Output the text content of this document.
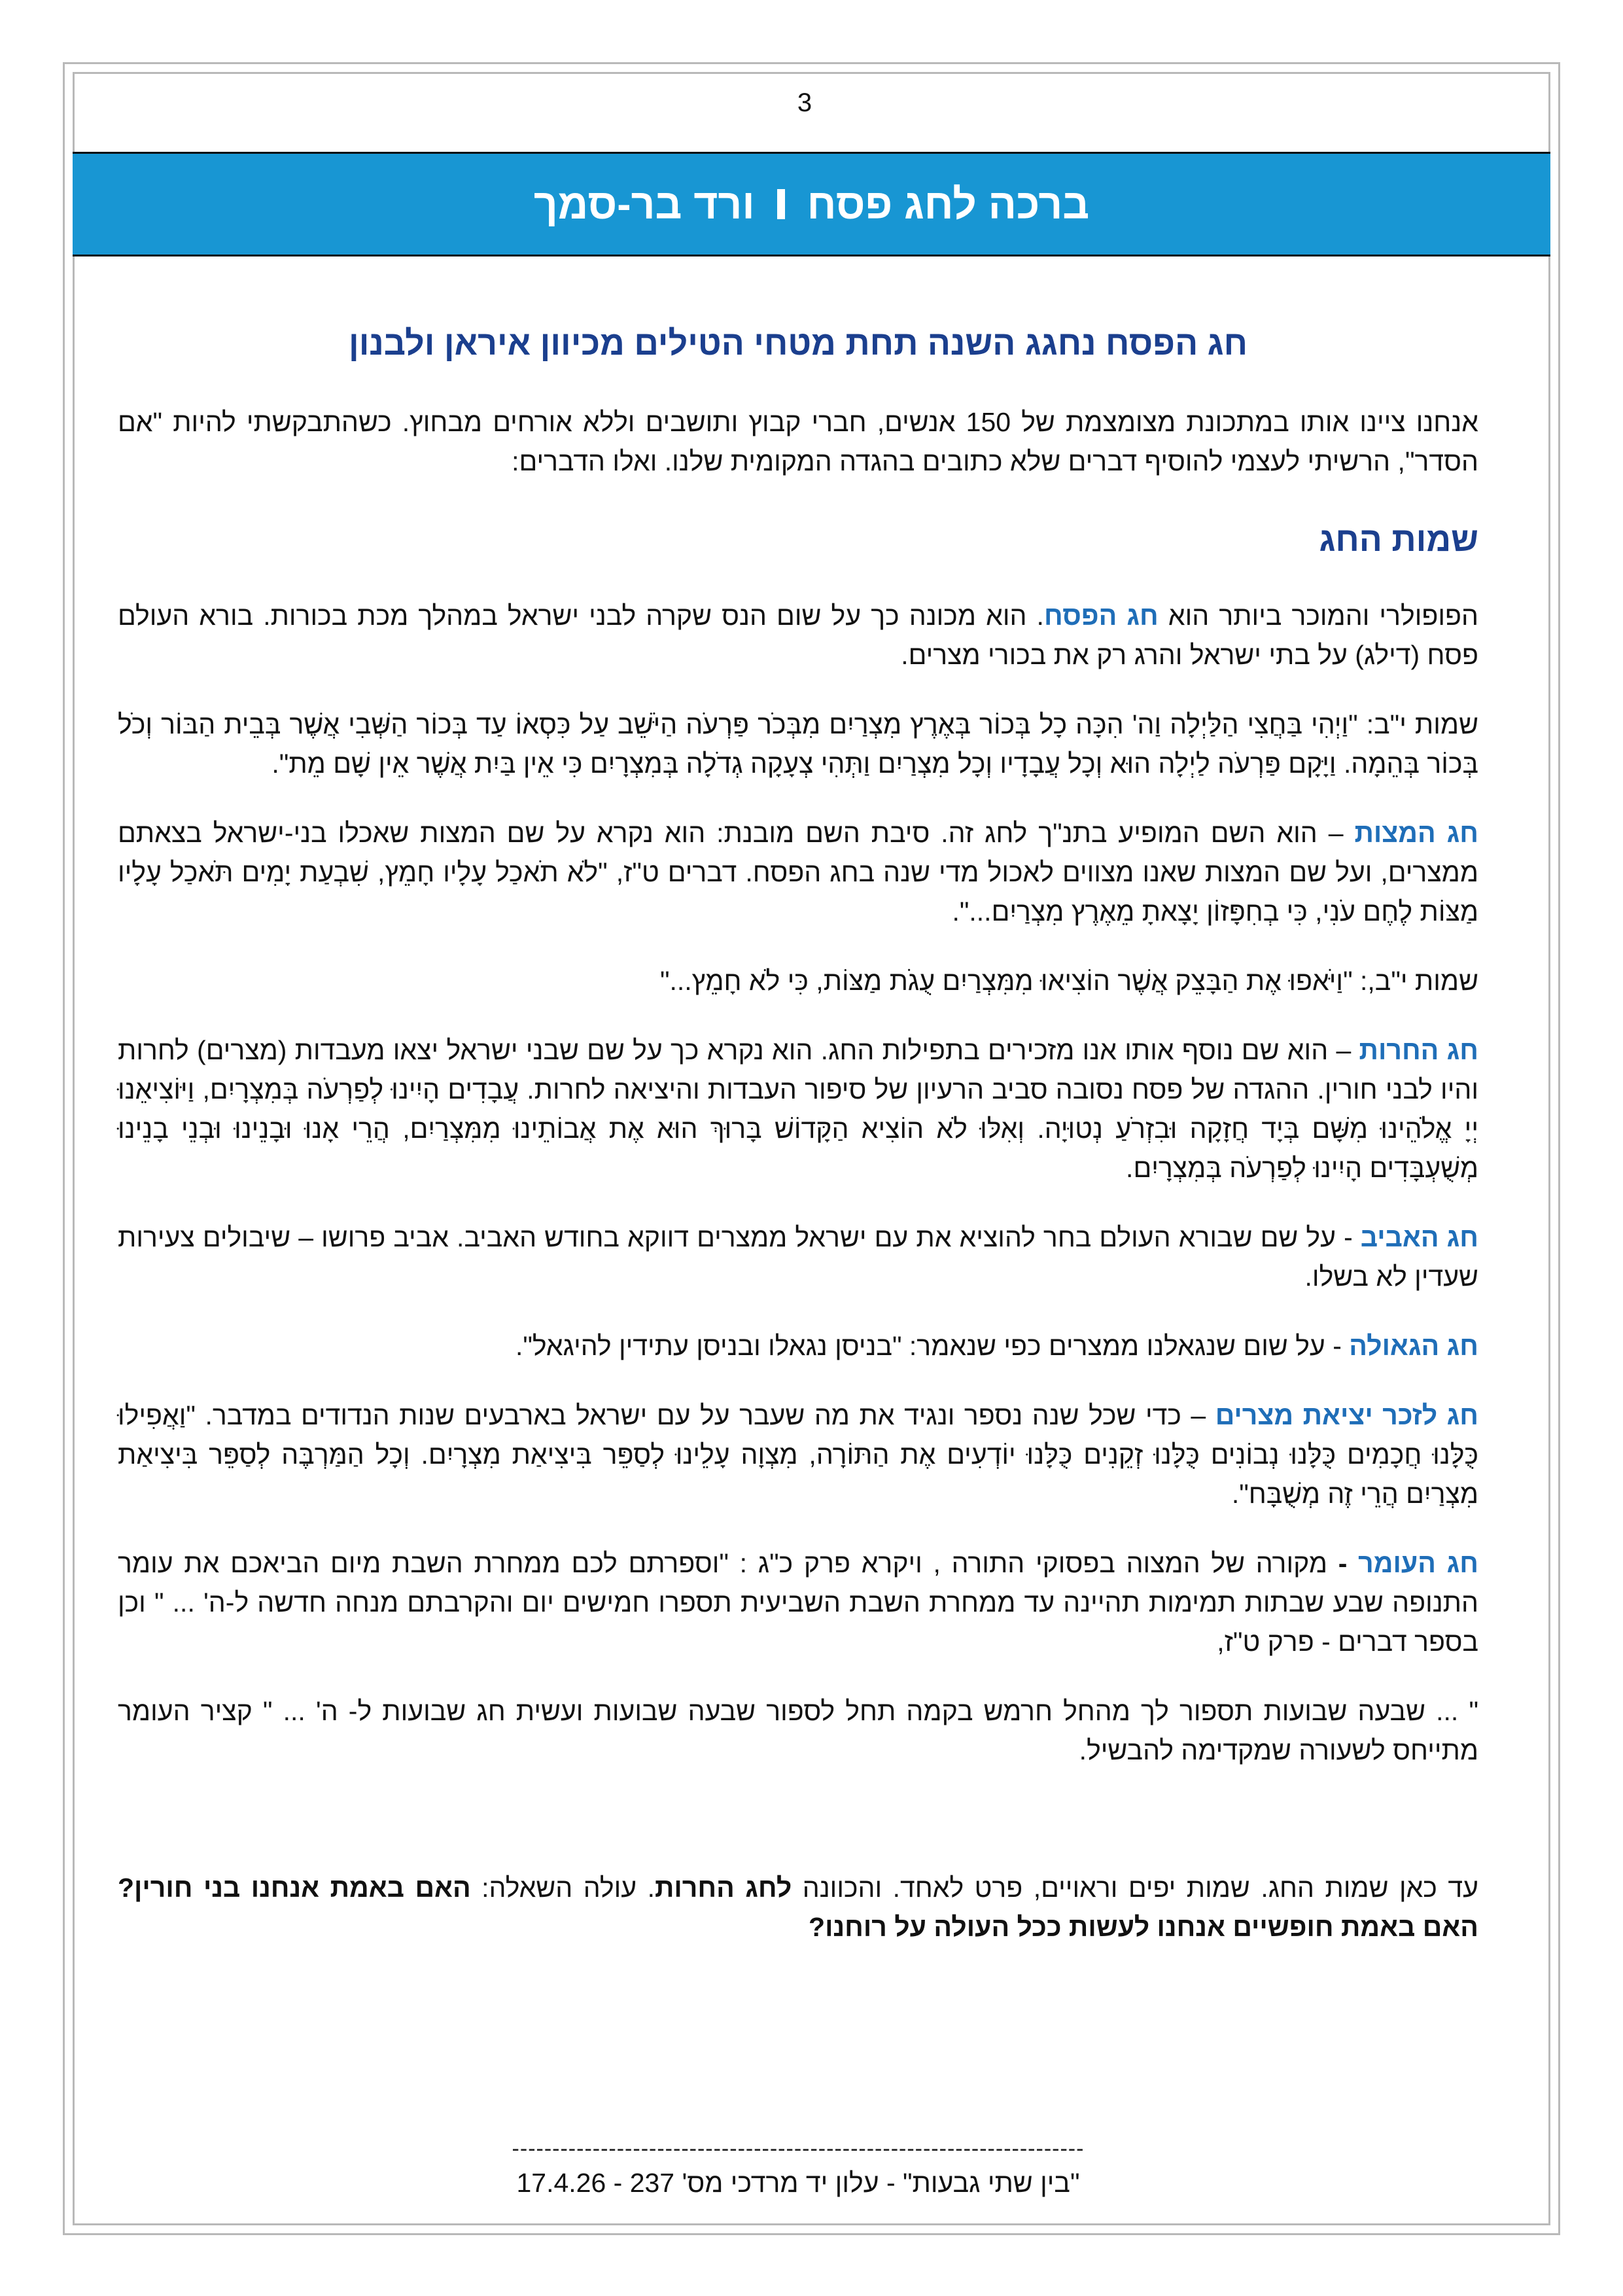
3
ברכה לחג פסח
ורד בר-סמך
חג הפסח נחגג השנה תחת מטחי הטילים מכיוון איראן ולבנון

אנחנו ציינו אותו במתכונת מצומצמת של 150 אנשים, חברי קבוץ ותושבים וללא אורחים מבחוץ. כשהתבקשתי להיות "אם הסדר", הרשיתי לעצמי להוסיף דברים שלא כתובים בהגדה המקומית שלנו. ואלו הדברים:

שמות החג

הפופולרי והמוכר ביותר הוא חג הפסח. הוא מכונה כך על שום הנס שקרה לבני ישראל במהלך מכת בכורות. בורא העולם פסח (דילג) על בתי ישראל והרג רק את בכורי מצרים.

שמות י"ב: "וַיְהִי בַּחֲצִי הַלַּיְלָה וַה' הִכָּה כָל בְּכוֹר בְּאֶרֶץ מִצְרַיִם מִבְּכֹר פַּרְעֹה הַיֹּשֵׁב עַל כִּסְאוֹ עַד בְּכוֹר הַשְּׁבִי אֲשֶׁר בְּבֵית הַבּוֹר וְכֹל בְּכוֹר בְּהֵמָה. וַיָּקָם פַּרְעֹה לַיְלָה הוּא וְכָל עֲבָדָיו וְכָל מִצְרַיִם וַתְּהִי צְעָקָה גְדֹלָה בְּמִצְרָיִם כִּי אֵין בַּיִת אֲשֶׁר אֵין שָׁם מֵת".

חג המצות – הוא השם המופיע בתנ"ך לחג זה. סיבת השם מובנת: הוא נקרא על שם המצות שאכלו בני-ישראל בצאתם ממצרים, ועל שם המצות שאנו מצווים לאכול מדי שנה בחג הפסח. דברים ט"ז, "לֹא תֹאכַל עָלָיו חָמֵץ, שִׁבְעַת יָמִים תֹּאכַל עָלָיו מַצּוֹת לֶחֶם עֹנִי, כִּי בְחִפָּזוֹן יָצָאתָ מֵאֶרֶץ מִצְרַיִם...".

שמות י"ב,: "וַיֹּאפוּ אֶת הַבָּצֵק אֲשֶׁר הוֹצִיאוּ מִמִּצְרַיִם עֻגֹת מַצּוֹת, כִּי לֹא חָמֵץ..."

חג החרות – הוא שם נוסף אותו אנו מזכירים בתפילות החג. הוא נקרא כך על שם שבני ישראל יצאו מעבדות (מצרים) לחרות והיו לבני חורין. ההגדה של פסח נסובה סביב הרעיון של סיפור העבדות והיציאה לחרות. עֲבָדִים הָיִינוּ לְפַרְעֹה בְּמִצְרָיִם, וַיּוֹצִיאֵנוּ יְיָ אֱלֹהֵינוּ מִשָּׁם בְּיָד חֲזָקָה וּבִזְרֹעַ נְטוּיָה. וְאִלּוּ לֹא הוֹצִיא הַקָּדוֹשׁ בָּרוּךְ הוּא אֶת אֲבוֹתֵינוּ מִמִּצְרַיִם, הֲרֵי אָנוּ וּבָנֵינוּ וּבְנֵי בָנֵינוּ מְשֻׁעְבָּדִים הָיִינוּ לְפַרְעֹה בְּמִצְרָיִם.

חג האביב - על שם שבורא העולם בחר להוציא את עם ישראל ממצרים דווקא בחודש האביב. אביב פרושו – שיבולים צעירות שעדין לא בשלו.

חג הגאולה - על שום שנגאלנו ממצרים כפי שנאמר: "בניסן נגאלו ובניסן עתידין להיגאל".

חג לזכר יציאת מצרים – כדי שכל שנה נספר ונגיד את מה שעבר על עם ישראל בארבעים שנות הנדודים במדבר. "וַאֲפִילוּ כֻּלָּנוּ חֲכָמִים כֻּלָּנוּ נְבוֹנִים כֻּלָּנוּ זְקֵנִים כֻּלָּנוּ יוֹדְעִים אֶת הַתּוֹרָה, מִצְוָה עָלֵינוּ לְסַפֵּר בִּיצִיאַת מִצְרָיִם. וְכָל הַמַּרְבֶּה לְסַפֵּר בִּיצִיאַת מִצְרַיִם הֲרֵי זֶה מְשֻׁבָּח".

חג העומר - מקורה של המצוה בפסוקי התורה , ויקרא פרק כ"ג : "וספרתם לכם ממחרת השבת מיום הביאכם את עומר התנופה שבע שבתות תמימות תהיינה עד ממחרת השבת השביעית תספרו חמישים יום והקרבתם מנחה חדשה ל-ה' ... " וכן בספר דברים - פרק ט"ז,

" ... שבעה שבועות תספור לך מהחל חרמש בקמה תחל לספור שבעה שבועות ועשית חג שבועות ל- ה' ... " קציר העומר מתייחס לשעורה שמקדימה להבשיל.

עד כאן שמות החג. שמות יפים וראויים, פרט לאחד. והכוונה לחג החרות. עולה השאלה: האם באמת אנחנו בני חורין? האם באמת חופשיים אנחנו לעשות ככל העולה על רוחנו?

-----------------------------------------------------------------------
"בין שתי גבעות" - עלון יד מרדכי מס' 237 - 17.4.26
